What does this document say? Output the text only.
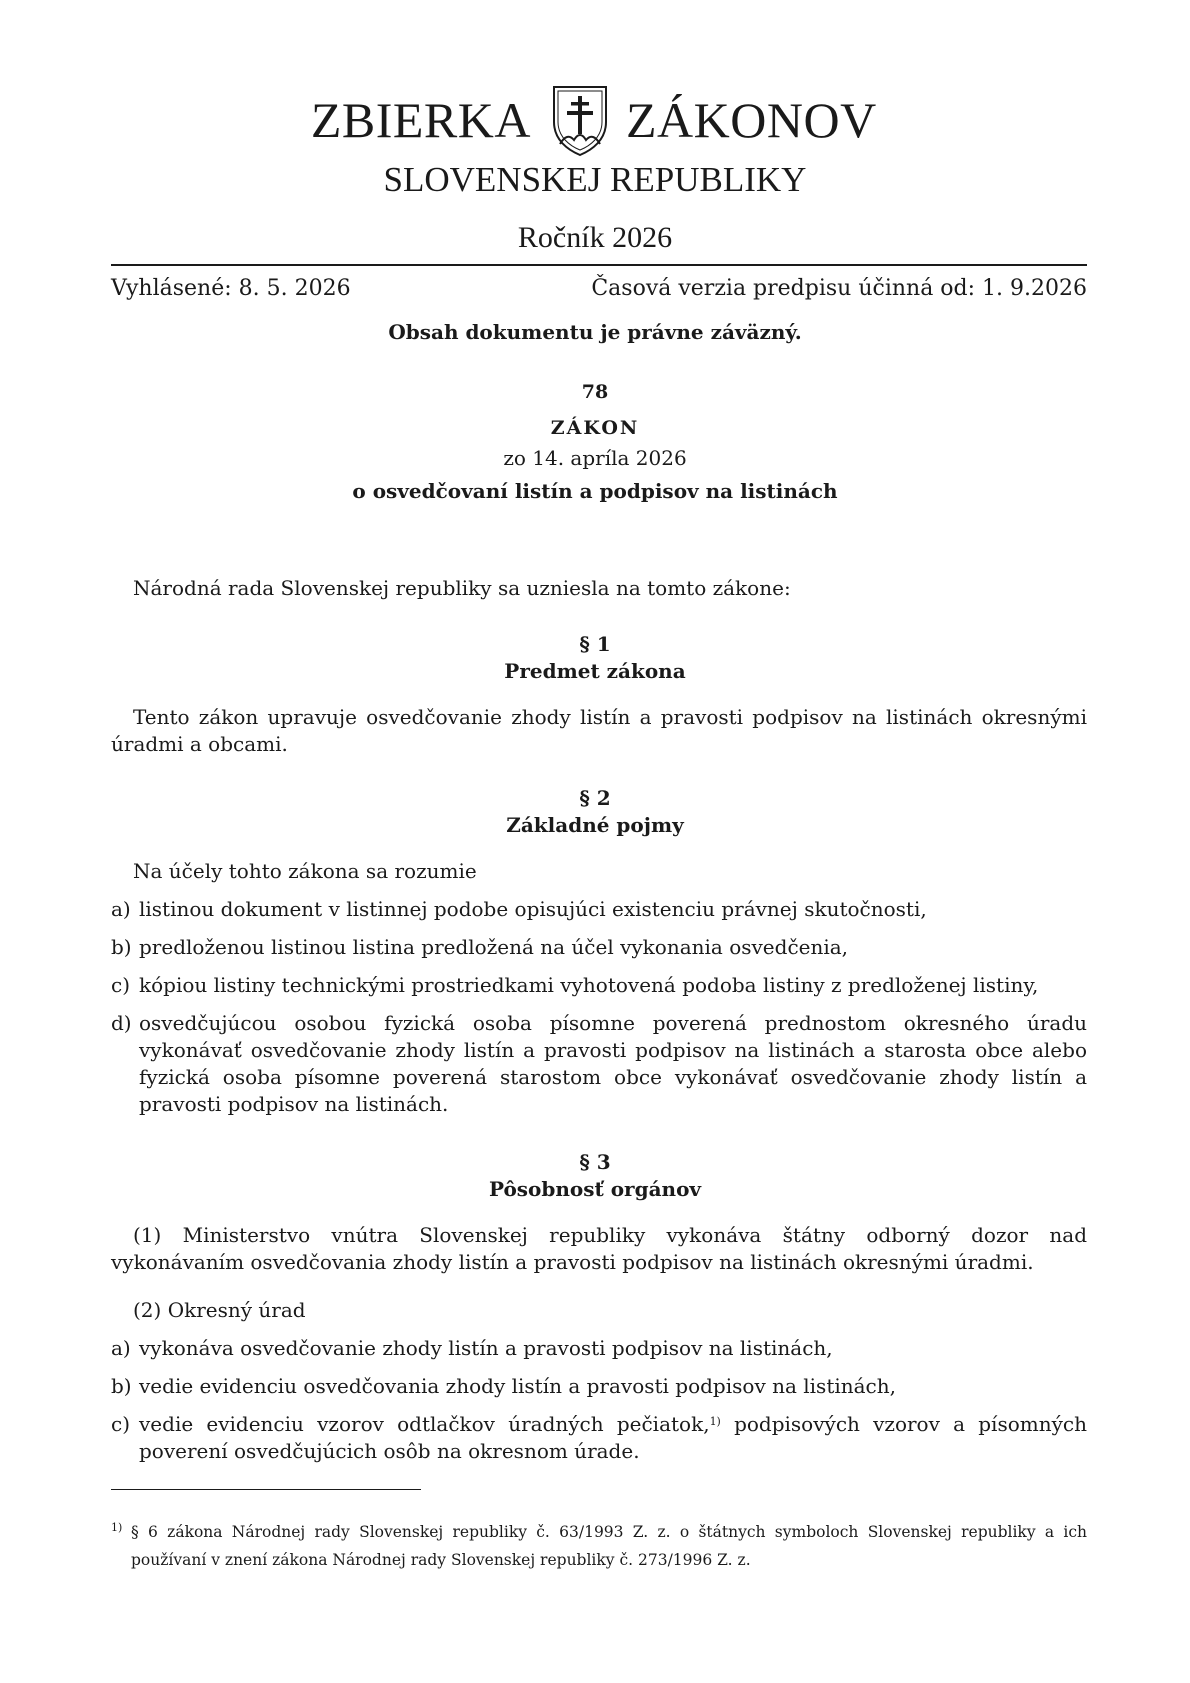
ZBIERKA ZÁKONOV
SLOVENSKEJ REPUBLIKY
Ročník 2026
Vyhlásené: 8. 5. 2026	Časová verzia predpisu účinná od: 1. 9.2026
Obsah dokumentu je právne záväzný.
78
ZÁKON
zo 14. apríla 2026
o osvedčovaní listín a podpisov na listinách
Národná rada Slovenskej republiky sa uzniesla na tomto zákone:
§ 1
Predmet zákona
Tento zákon upravuje osvedčovanie zhody listín a pravosti podpisov na listinách okresnými úradmi a obcami.
§ 2
Základné pojmy
Na účely tohto zákona sa rozumie
a) listinou dokument v listinnej podobe opisujúci existenciu právnej skutočnosti,
b) predloženou listinou listina predložená na účel vykonania osvedčenia,
c) kópiou listiny technickými prostriedkami vyhotovená podoba listiny z predloženej listiny,
d) osvedčujúcou osobou fyzická osoba písomne poverená prednostom okresného úradu vykonávať osvedčovanie zhody listín a pravosti podpisov na listinách a starosta obce alebo fyzická osoba písomne poverená starostom obce vykonávať osvedčovanie zhody listín a pravosti podpisov na listinách.
§ 3
Pôsobnosť orgánov
(1) Ministerstvo vnútra Slovenskej republiky vykonáva štátny odborný dozor nad vykonávaním osvedčovania zhody listín a pravosti podpisov na listinách okresnými úradmi.
(2) Okresný úrad
a) vykonáva osvedčovanie zhody listín a pravosti podpisov na listinách,
b) vedie evidenciu osvedčovania zhody listín a pravosti podpisov na listinách,
c) vedie evidenciu vzorov odtlačkov úradných pečiatok,$^{1)}$ podpisových vzorov a písomných poverení osvedčujúcich osôb na okresnom úrade.
1) § 6 zákona Národnej rady Slovenskej republiky č. 63/1993 Z. z. o štátnych symboloch Slovenskej republiky a ich používaní v znení zákona Národnej rady Slovenskej republiky č. 273/1996 Z. z.
